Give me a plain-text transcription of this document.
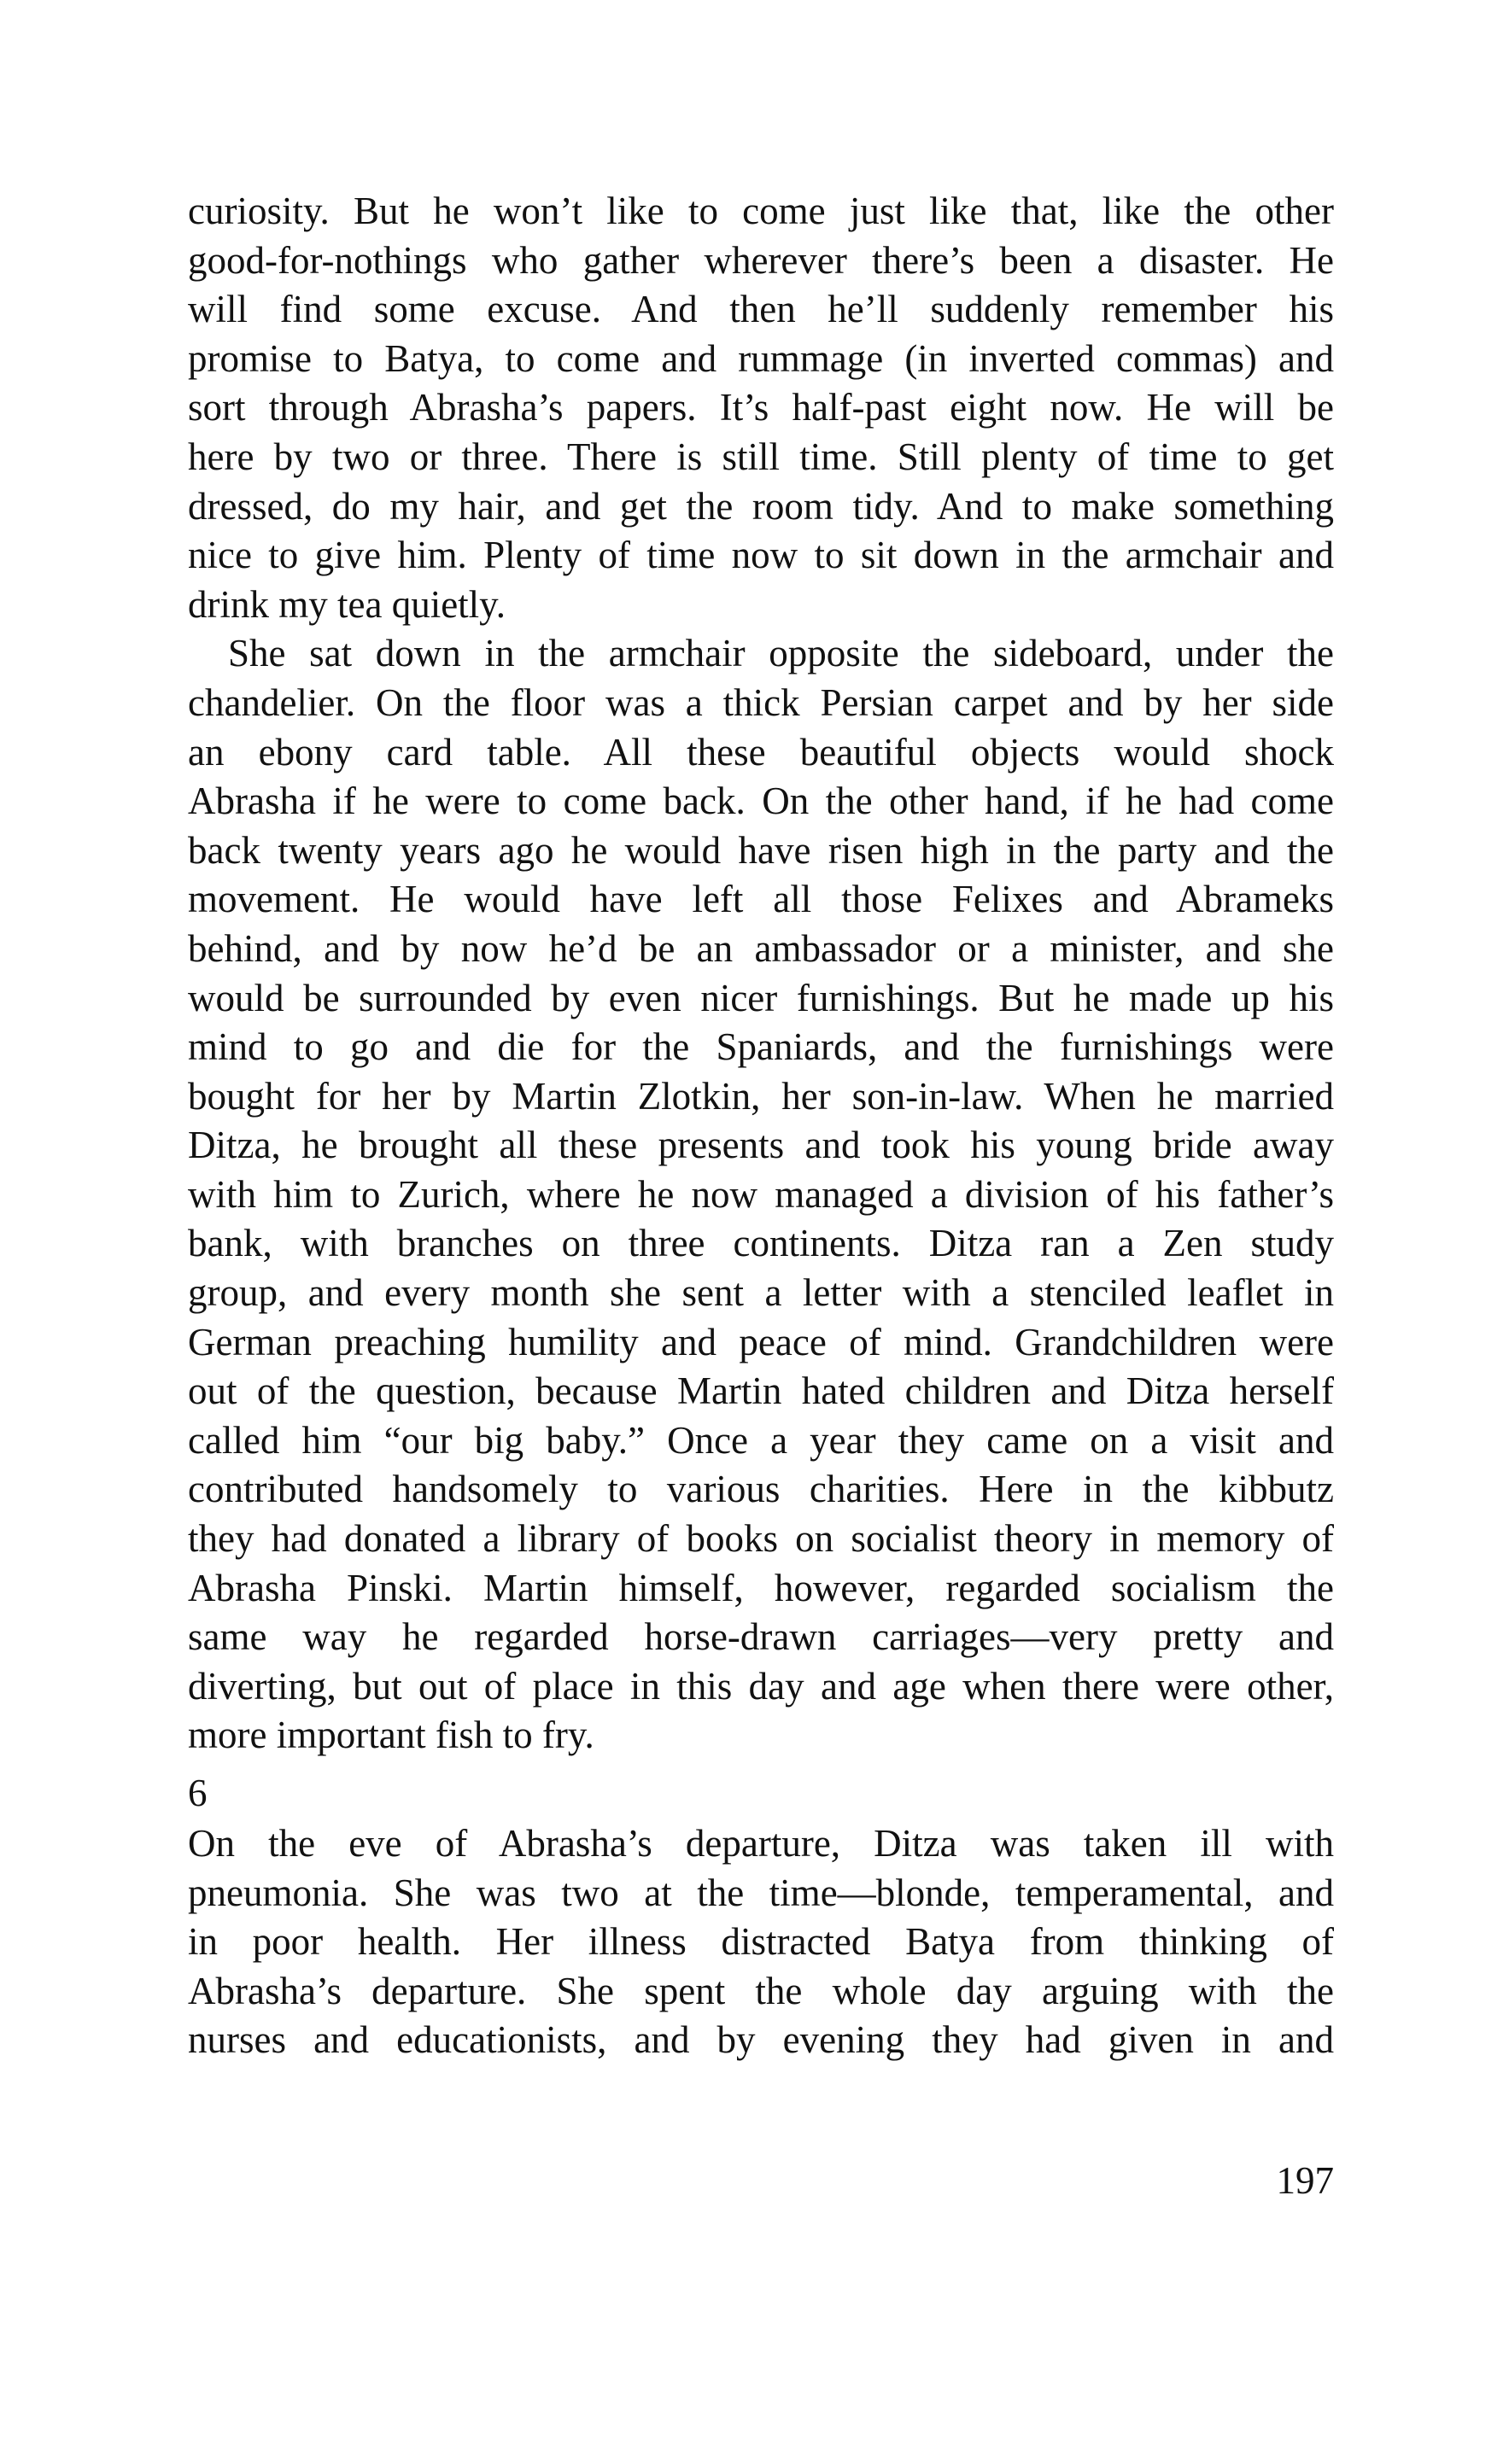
curiosity. But he won’t like to come just like that, like the other
good-for-nothings who gather wherever there’s been a disaster. He
will find some excuse. And then he’ll suddenly remember his
promise to Batya, to come and rummage (in inverted commas) and
sort through Abrasha’s papers. It’s half-past eight now. He will be
here by two or three. There is still time. Still plenty of time to get
dressed, do my hair, and get the room tidy. And to make something
nice to give him. Plenty of time now to sit down in the armchair and
drink my tea quietly.
She sat down in the armchair opposite the sideboard, under the
chandelier. On the floor was a thick Persian carpet and by her side
an ebony card table. All these beautiful objects would shock
Abrasha if he were to come back. On the other hand, if he had come
back twenty years ago he would have risen high in the party and the
movement. He would have left all those Felixes and Abrameks
behind, and by now he’d be an ambassador or a minister, and she
would be surrounded by even nicer furnishings. But he made up his
mind to go and die for the Spaniards, and the furnishings were
bought for her by Martin Zlotkin, her son-in-law. When he married
Ditza, he brought all these presents and took his young bride away
with him to Zurich, where he now managed a division of his father’s
bank, with branches on three continents. Ditza ran a Zen study
group, and every month she sent a letter with a stenciled leaflet in
German preaching humility and peace of mind. Grandchildren were
out of the question, because Martin hated children and Ditza herself
called him “our big baby.” Once a year they came on a visit and
contributed handsomely to various charities. Here in the kibbutz
they had donated a library of books on socialist theory in memory of
Abrasha Pinski. Martin himself, however, regarded socialism the
same way he regarded horse-drawn carriages—very pretty and
diverting, but out of place in this day and age when there were other,
more important fish to fry.
6
On the eve of Abrasha’s departure, Ditza was taken ill with
pneumonia. She was two at the time—blonde, temperamental, and
in poor health. Her illness distracted Batya from thinking of
Abrasha’s departure. She spent the whole day arguing with the
nurses and educationists, and by evening they had given in and
197
